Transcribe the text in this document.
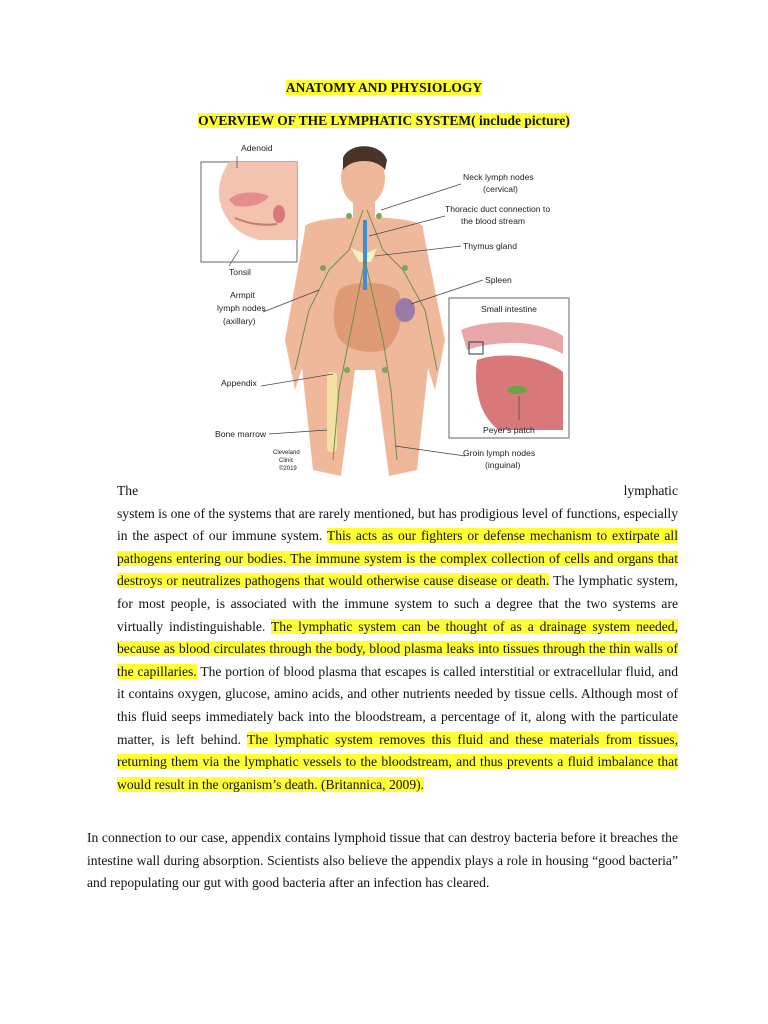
ANATOMY AND PHYSIOLOGY
OVERVIEW OF THE LYMPHATIC SYSTEM( include picture)
Adenoid
Tonsil
Armpit
lymph nodes
(axillary)
Appendix
Bone marrow
Neck lymph nodes
(cervical)
Thoracic duct connection to
the blood stream
Thymus gland
Spleen
Small intestine
Peyer's patch
Groin lymph nodes
(inguinal)
Cleveland
Clinic
©2019
The	lymphatic

system is one of the systems that are rarely mentioned, but has prodigious level of functions, especially in the aspect of our immune system. This acts as our fighters or defense mechanism to extirpate all pathogens entering our bodies. The immune system is the complex collection of cells and organs that destroys or neutralizes pathogens that would otherwise cause disease or death. The lymphatic system, for most people, is associated with the immune system to such a degree that the two systems are virtually indistinguishable. The lymphatic system can be thought of as a drainage system needed, because as blood circulates through the body, blood plasma leaks into tissues through the thin walls of the capillaries. The portion of blood plasma that escapes is called interstitial or extracellular fluid, and it contains oxygen, glucose, amino acids, and other nutrients needed by tissue cells. Although most of this fluid seeps immediately back into the bloodstream, a percentage of it, along with the particulate matter, is left behind. The lymphatic system removes this fluid and these materials from tissues, returning them via the lymphatic vessels to the bloodstream, and thus prevents a fluid imbalance that would result in the organism’s death. (Britannica, 2009).

In connection to our case, appendix contains lymphoid tissue that can destroy bacteria before it breaches the intestine wall during absorption. Scientists also believe the appendix plays a role in housing “good bacteria” and repopulating our gut with good bacteria after an infection has cleared.
